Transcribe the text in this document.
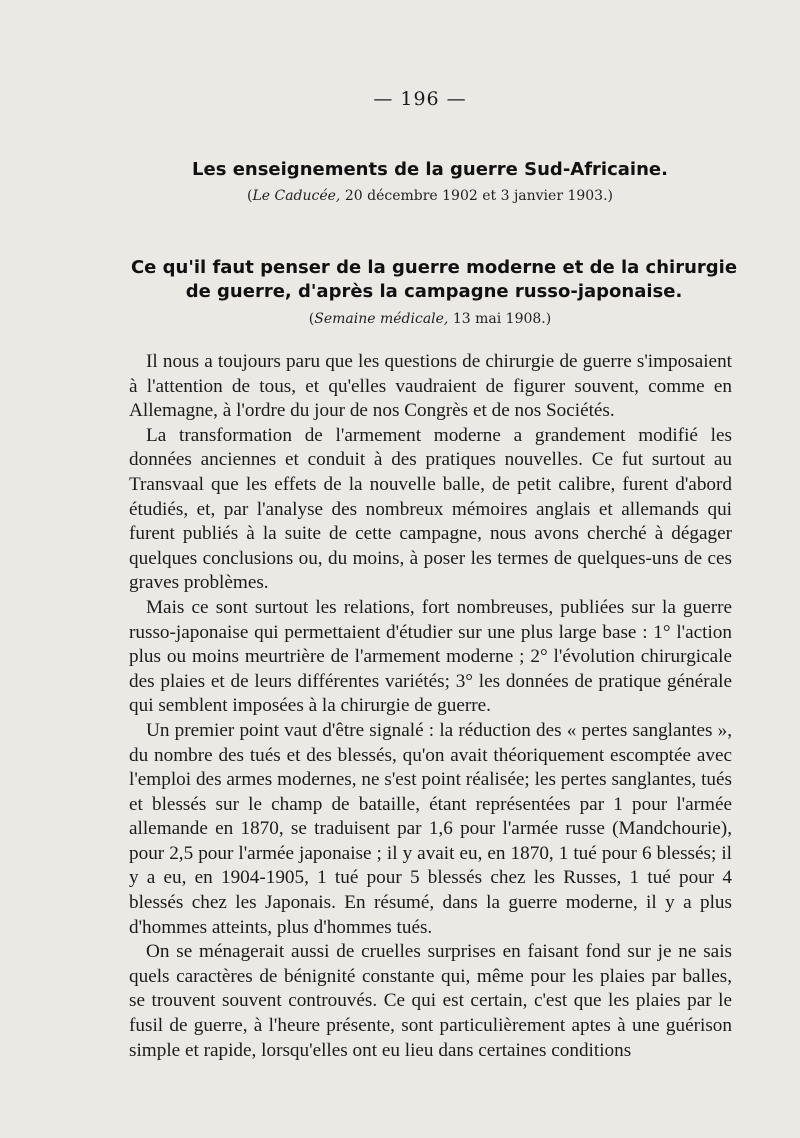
— 196 —
Les enseignements de la guerre Sud-Africaine.
(Le Caducée, 20 décembre 1902 et 3 janvier 1903.)
Ce qu'il faut penser de la guerre moderne et de la chirurgie
de guerre, d'après la campagne russo-japonaise.
(Semaine médicale, 13 mai 1908.)

Il nous a toujours paru que les questions de chirurgie de guerre s'imposaient à l'attention de tous, et qu'elles vaudraient de figurer souvent, comme en Allemagne, à l'ordre du jour de nos Congrès et de nos Sociétés.

La transformation de l'armement moderne a grandement modifié les données anciennes et conduit à des pratiques nouvelles. Ce fut surtout au Transvaal que les effets de la nouvelle balle, de petit calibre, furent d'abord étudiés, et, par l'analyse des nombreux mémoires anglais et allemands qui furent publiés à la suite de cette campagne, nous avons cherché à dégager quelques conclusions ou, du moins, à poser les termes de quelques-uns de ces graves problèmes.

Mais ce sont surtout les relations, fort nombreuses, publiées sur la guerre russo-japonaise qui permettaient d'étudier sur une plus large base : 1° l'action plus ou moins meurtrière de l'armement moderne ; 2° l'évolution chirurgicale des plaies et de leurs différentes variétés; 3° les données de pratique générale qui semblent imposées à la chirurgie de guerre.

Un premier point vaut d'être signalé : la réduction des « pertes sanglantes », du nombre des tués et des blessés, qu'on avait théoriquement escomptée avec l'emploi des armes modernes, ne s'est point réalisée; les pertes sanglantes, tués et blessés sur le champ de bataille, étant représentées par 1 pour l'armée allemande en 1870, se traduisent par 1,6 pour l'armée russe (Mandchourie), pour 2,5 pour l'armée japonaise ; il y avait eu, en 1870, 1 tué pour 6 blessés; il y a eu, en 1904-1905, 1 tué pour 5 blessés chez les Russes, 1 tué pour 4 blessés chez les Japonais. En résumé, dans la guerre moderne, il y a plus d'hommes atteints, plus d'hommes tués.

On se ménagerait aussi de cruelles surprises en faisant fond sur je ne sais quels caractères de bénignité constante qui, même pour les plaies par balles, se trouvent souvent controuvés. Ce qui est certain, c'est que les plaies par le fusil de guerre, à l'heure présente, sont particulièrement aptes à une guérison simple et rapide, lorsqu'elles ont eu lieu dans certaines conditions
